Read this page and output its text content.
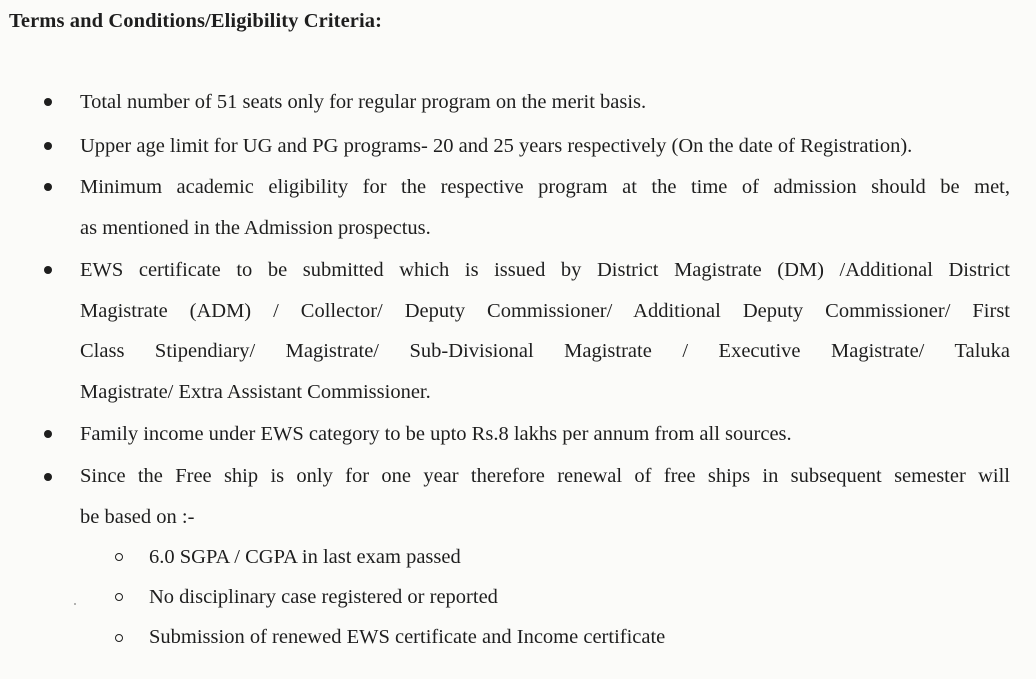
Terms and Conditions/Eligibility Criteria:
Total number of 51 seats only for regular program on the merit basis.
Upper age limit for UG and PG programs- 20 and 25 years respectively (On the date of Registration).
Minimum academic eligibility for the respective program at the time of admission should be met,
as mentioned in the Admission prospectus.
EWS certificate to be submitted which is issued by District Magistrate (DM) /Additional District
Magistrate (ADM) / Collector/ Deputy Commissioner/ Additional Deputy Commissioner/ First
Class Stipendiary/ Magistrate/ Sub-Divisional Magistrate / Executive Magistrate/ Taluka
Magistrate/ Extra Assistant Commissioner.
Family income under EWS category to be upto Rs.8 lakhs per annum from all sources.
Since the Free ship is only for one year therefore renewal of free ships in subsequent semester will
be based on :-
6.0 SGPA / CGPA in last exam passed
No disciplinary case registered or reported
Submission of renewed EWS certificate and Income certificate
